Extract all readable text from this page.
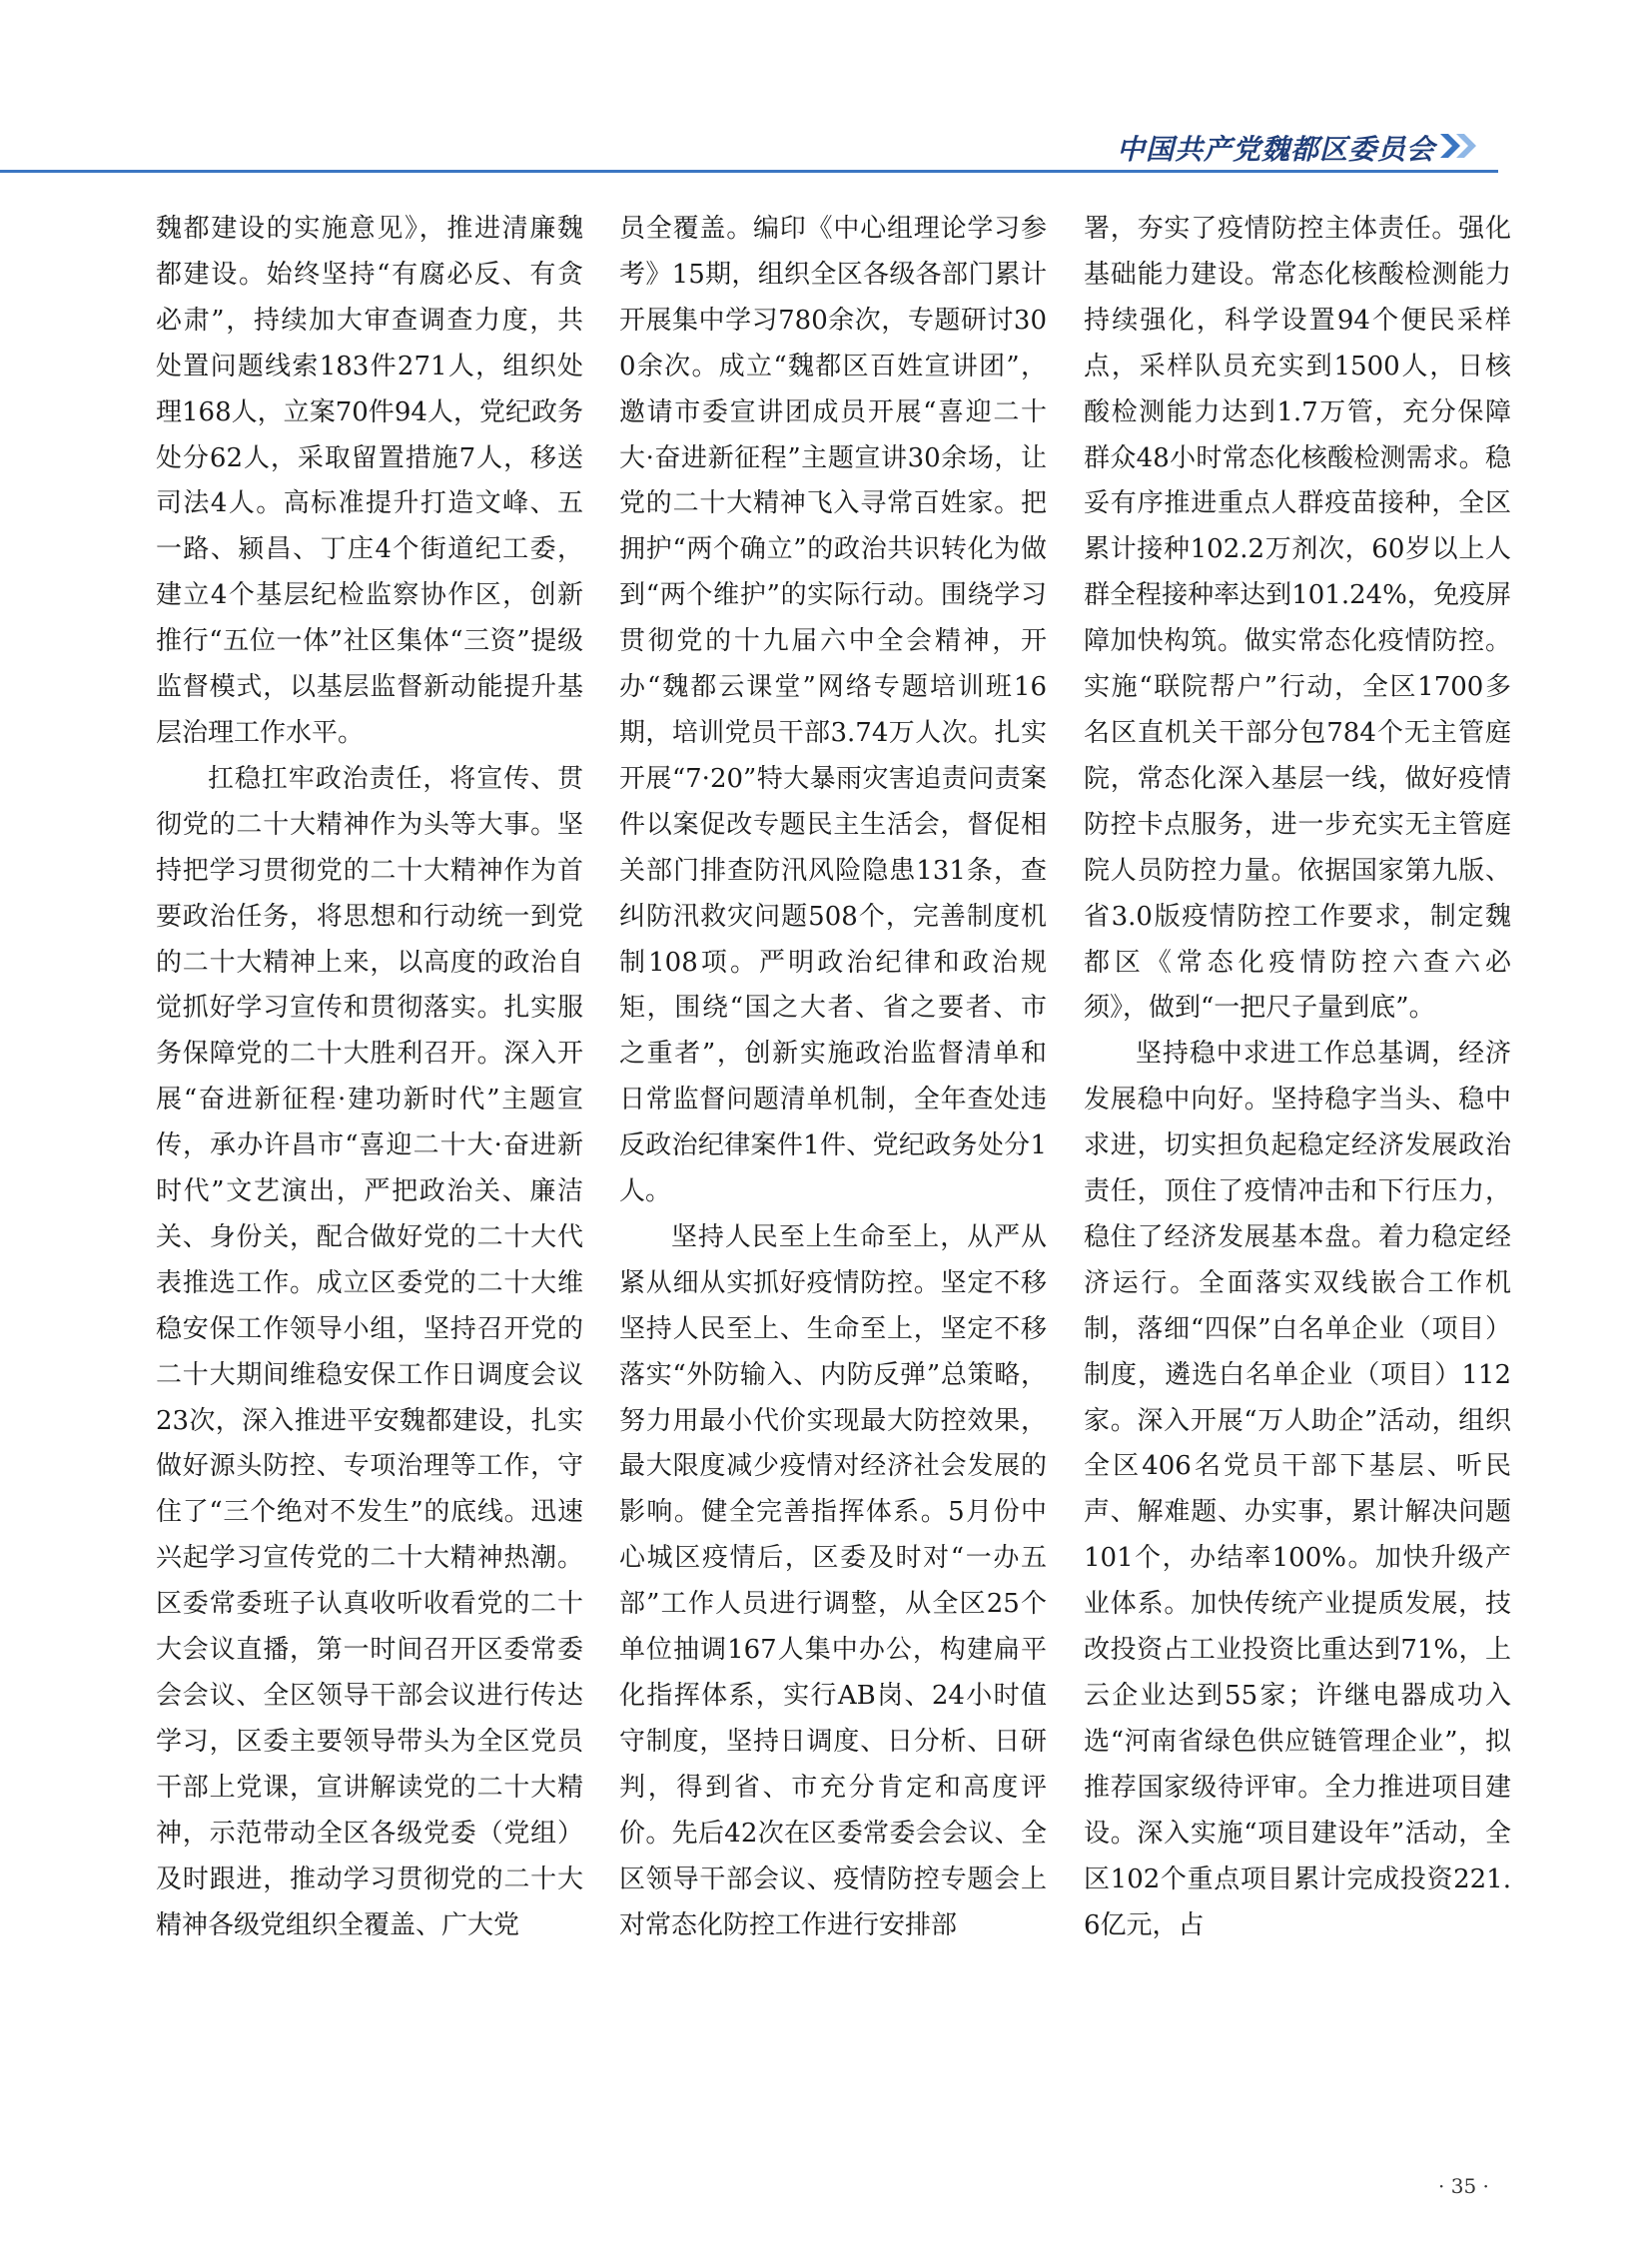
中国共产党魏都区委员会

魏都建设的实施意见》，推进清廉魏都建设。始终坚持“有腐必反、有贪必肃”，持续加大审查调查力度，共处置问题线索183件271人，组织处理168人，立案70件94人，党纪政务处分62人，采取留置措施7人，移送司法4人。高标准提升打造文峰、五一路、颍昌、丁庄4个街道纪工委，建立4个基层纪检监察协作区，创新推行“五位一体”社区集体“三资”提级监督模式，以基层监督新动能提升基层治理工作水平。

扛稳扛牢政治责任，将宣传、贯彻党的二十大精神作为头等大事。坚持把学习贯彻党的二十大精神作为首要政治任务，将思想和行动统一到党的二十大精神上来，以高度的政治自觉抓好学习宣传和贯彻落实。扎实服务保障党的二十大胜利召开。深入开展“奋进新征程·建功新时代”主题宣传，承办许昌市“喜迎二十大·奋进新时代”文艺演出，严把政治关、廉洁关、身份关，配合做好党的二十大代表推选工作。成立区委党的二十大维稳安保工作领导小组，坚持召开党的二十大期间维稳安保工作日调度会议23次，深入推进平安魏都建设，扎实做好源头防控、专项治理等工作，守住了“三个绝对不发生”的底线。迅速兴起学习宣传党的二十大精神热潮。区委常委班子认真收听收看党的二十大会议直播，第一时间召开区委常委会会议、全区领导干部会议进行传达学习，区委主要领导带头为全区党员干部上党课，宣讲解读党的二十大精神，示范带动全区各级党委（党组）及时跟进，推动学习贯彻党的二十大精神各级党组织全覆盖、广大党

员全覆盖。编印《中心组理论学习参考》15期，组织全区各级各部门累计开展集中学习780余次，专题研讨300余次。成立“魏都区百姓宣讲团”，邀请市委宣讲团成员开展“喜迎二十大·奋进新征程”主题宣讲30余场，让党的二十大精神飞入寻常百姓家。把拥护“两个确立”的政治共识转化为做到“两个维护”的实际行动。围绕学习贯彻党的十九届六中全会精神，开办“魏都云课堂”网络专题培训班16期，培训党员干部3.74万人次。扎实开展“7·20”特大暴雨灾害追责问责案件以案促改专题民主生活会，督促相关部门排查防汛风险隐患131条，查纠防汛救灾问题508个，完善制度机制108项。严明政治纪律和政治规矩，围绕“国之大者、省之要者、市之重者”，创新实施政治监督清单和日常监督问题清单机制，全年查处违反政治纪律案件1件、党纪政务处分1人。

坚持人民至上生命至上，从严从紧从细从实抓好疫情防控。坚定不移坚持人民至上、生命至上，坚定不移落实“外防输入、内防反弹”总策略，努力用最小代价实现最大防控效果，最大限度减少疫情对经济社会发展的影响。健全完善指挥体系。5月份中心城区疫情后，区委及时对“一办五部”工作人员进行调整，从全区25个单位抽调167人集中办公，构建扁平化指挥体系，实行AB岗、24小时值守制度，坚持日调度、日分析、日研判，得到省、市充分肯定和高度评价。先后42次在区委常委会会议、全区领导干部会议、疫情防控专题会上对常态化防控工作进行安排部

署，夯实了疫情防控主体责任。强化基础能力建设。常态化核酸检测能力持续强化，科学设置94个便民采样点，采样队员充实到1500人，日核酸检测能力达到1.7万管，充分保障群众48小时常态化核酸检测需求。稳妥有序推进重点人群疫苗接种，全区累计接种102.2万剂次，60岁以上人群全程接种率达到101.24%，免疫屏障加快构筑。做实常态化疫情防控。实施“联院帮户”行动，全区1700多名区直机关干部分包784个无主管庭院，常态化深入基层一线，做好疫情防控卡点服务，进一步充实无主管庭院人员防控力量。依据国家第九版、省3.0版疫情防控工作要求，制定魏都区《常态化疫情防控六查六必须》，做到“一把尺子量到底”。

坚持稳中求进工作总基调，经济发展稳中向好。坚持稳字当头、稳中求进，切实担负起稳定经济发展政治责任，顶住了疫情冲击和下行压力，稳住了经济发展基本盘。着力稳定经济运行。全面落实双线嵌合工作机制，落细“四保”白名单企业（项目）制度，遴选白名单企业（项目）112家。深入开展“万人助企”活动，组织全区406名党员干部下基层、听民声、解难题、办实事，累计解决问题101个，办结率100%。加快升级产业体系。加快传统产业提质发展，技改投资占工业投资比重达到71%，上云企业达到55家；许继电器成功入选“河南省绿色供应链管理企业”，拟推荐国家级待评审。全力推进项目建设。深入实施“项目建设年”活动，全区102个重点项目累计完成投资221.6亿元，占

· 35 ·
